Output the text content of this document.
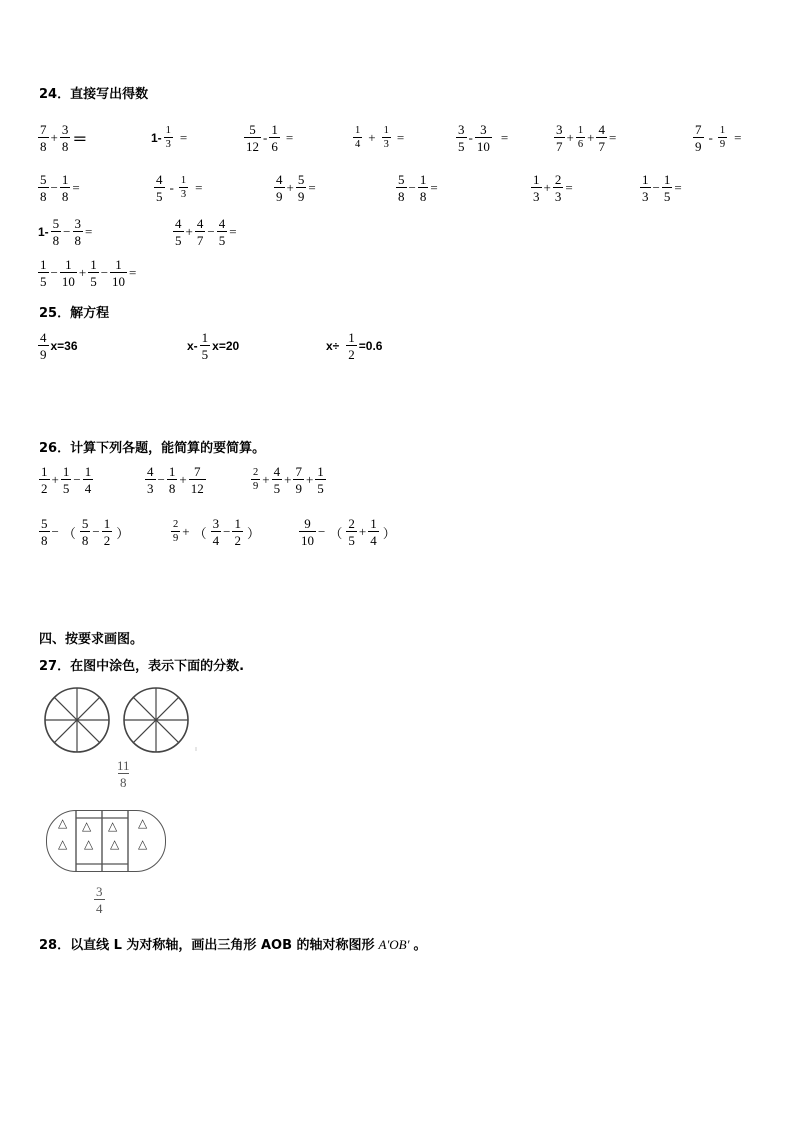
24．直接写出得数
$\frac{7}{8} + \frac{3}{8}$ ＝	$1- \frac{1}{3}$ =	$\frac{5}{12} - \frac{1}{6}$ =	$\frac{1}{4} + \frac{1}{3}$ =	$\frac{3}{5} - \frac{3}{10}$ =	$\frac{3}{7} + \frac{1}{6} + \frac{4}{7}$ =	$\frac{7}{9} - \frac{1}{9}$ =
$\frac{5}{8} - \frac{1}{8}$ =	$\frac{4}{5} - \frac{1}{3}$ =	$\frac{4}{9} + \frac{5}{9}$ =	$\frac{5}{8} - \frac{1}{8}$ =	$\frac{1}{3} + \frac{2}{3}$ =	$\frac{1}{3} - \frac{1}{5}$ =
$1- \frac{5}{8} - \frac{3}{8}$ =	$\frac{4}{5} + \frac{4}{7} - \frac{4}{5}$ =
$\frac{1}{5} - \frac{1}{10} + \frac{1}{5} - \frac{1}{10}$ =
25．解方程
$\frac{4}{9} x=36$	$x- \frac{1}{5} x=20$	$x\div \frac{1}{2} =0.6$
26．计算下列各题，能简算的要简算。
$\frac{1}{2} + \frac{1}{5} - \frac{1}{4}$	$\frac{4}{3} - \frac{1}{8} + \frac{7}{12}$	$\frac{2}{9} + \frac{4}{5} + \frac{7}{9} + \frac{1}{5}$
$\frac{5}{8}$ − （ $\frac{5}{8} - \frac{1}{2}$ ）	$\frac{2}{9}$ + （ $\frac{3}{4} - \frac{1}{2}$ ）	$\frac{9}{10}$ − （ $\frac{2}{5} + \frac{1}{4}$ ）
四、按要求画图。
27．在图中涂色，表示下面的分数.
$\frac{11}{8}$
△
△
△
△
△
△
△
△
$\frac{3}{4}$
28．以直线 L 为对称轴，画出三角形 AOB 的轴对称图形 A′OB′ 。
